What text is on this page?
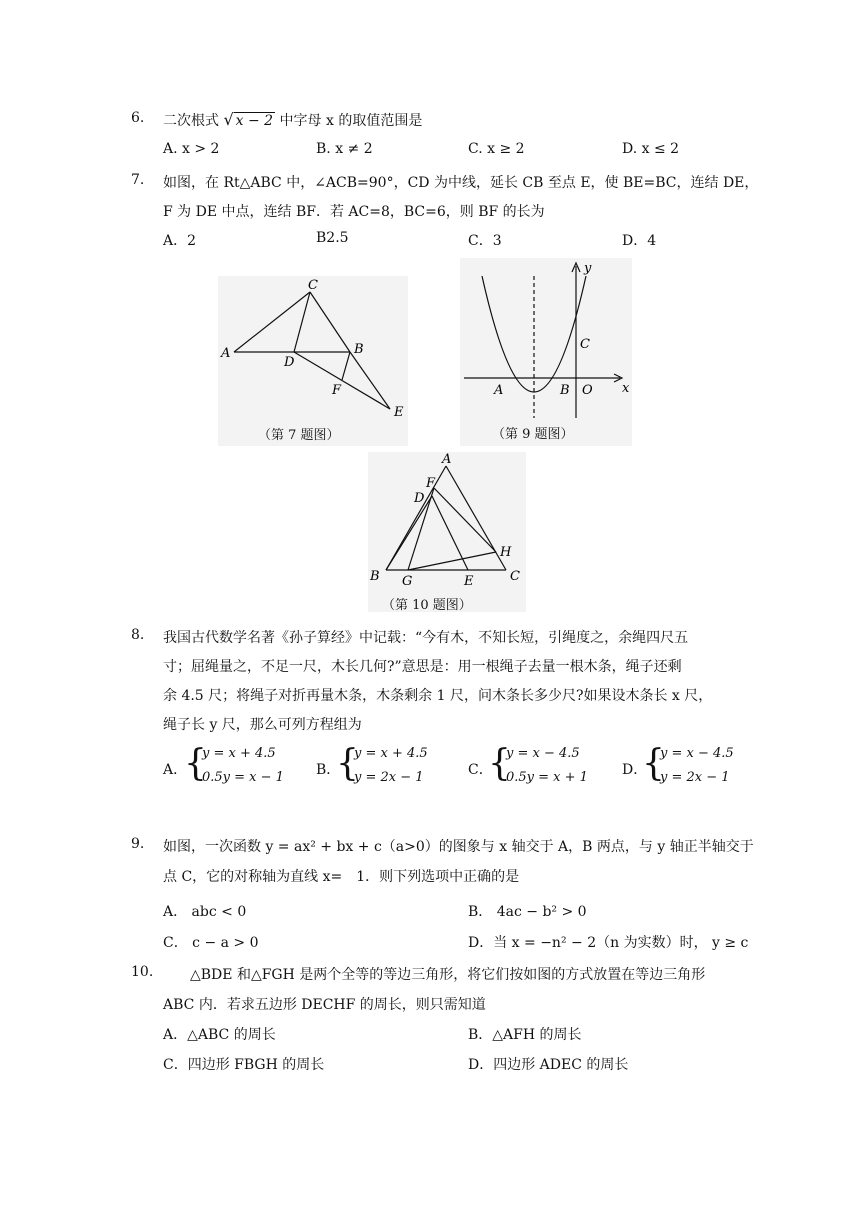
6. 二次根式 √ x − 2 中字母 x 的取值范围是
A. x > 2	B. x ≠ 2	C. x ≥ 2	D. x ≤ 2
7. 如图，在 Rt△ABC 中，∠ACB=90°，CD 为中线，延长 CB 至点 E，使 BE=BC，连结 DE，
F 为 DE 中点，连结 BF．若 AC=8，BC=6，则 BF 的长为
A．2	B2.5	C．3	D．4
C
A
D
B
F
E
（第 7 题图）
y
x
A	B
C
O
（第 9 题图）
A
F
D
H
B G	E	C
（第 10 题图）
8. 我国古代数学名著《孙子算经》中记载：“今有木，不知长短，引绳度之，余绳四尺五
寸；屈绳量之，不足一尺，木长几何?”意思是：用一根绳子去量一根木条，绳子还剩
余 4.5 尺；将绳子对折再量木条，木条剩余 1 尺，问木条长多少尺?如果设木条长 x 尺，
绳子长 y 尺，那么可列方程组为
A．
{
y = x + 4.5
0.5y = x − 1 B．
{
y = x + 4.5
y = 2x − 1	C．
{
y = x − 4.5
0.5y = x + 1 D．
{
y = x − 4.5
y = 2x − 1
9. 如图，一次函数 y = ax² + bx + c（a>0）的图象与 x 轴交于 A，B 两点，与 y 轴正半轴交于
点 C，它的对称轴为直线 x=　1．则下列选项中正确的是
A． abc < 0	B． 4ac − b² > 0
C． c − a > 0	D．当 x = −n² − 2（n 为实数）时， y ≥ c
10.	△BDE 和△FGH 是两个全等的等边三角形，将它们按如图的方式放置在等边三角形
ABC 内．若求五边形 DECHF 的周长，则只需知道
A．△ABC 的周长	B．△AFH 的周长
C．四边形 FBGH 的周长	D．四边形 ADEC 的周长
